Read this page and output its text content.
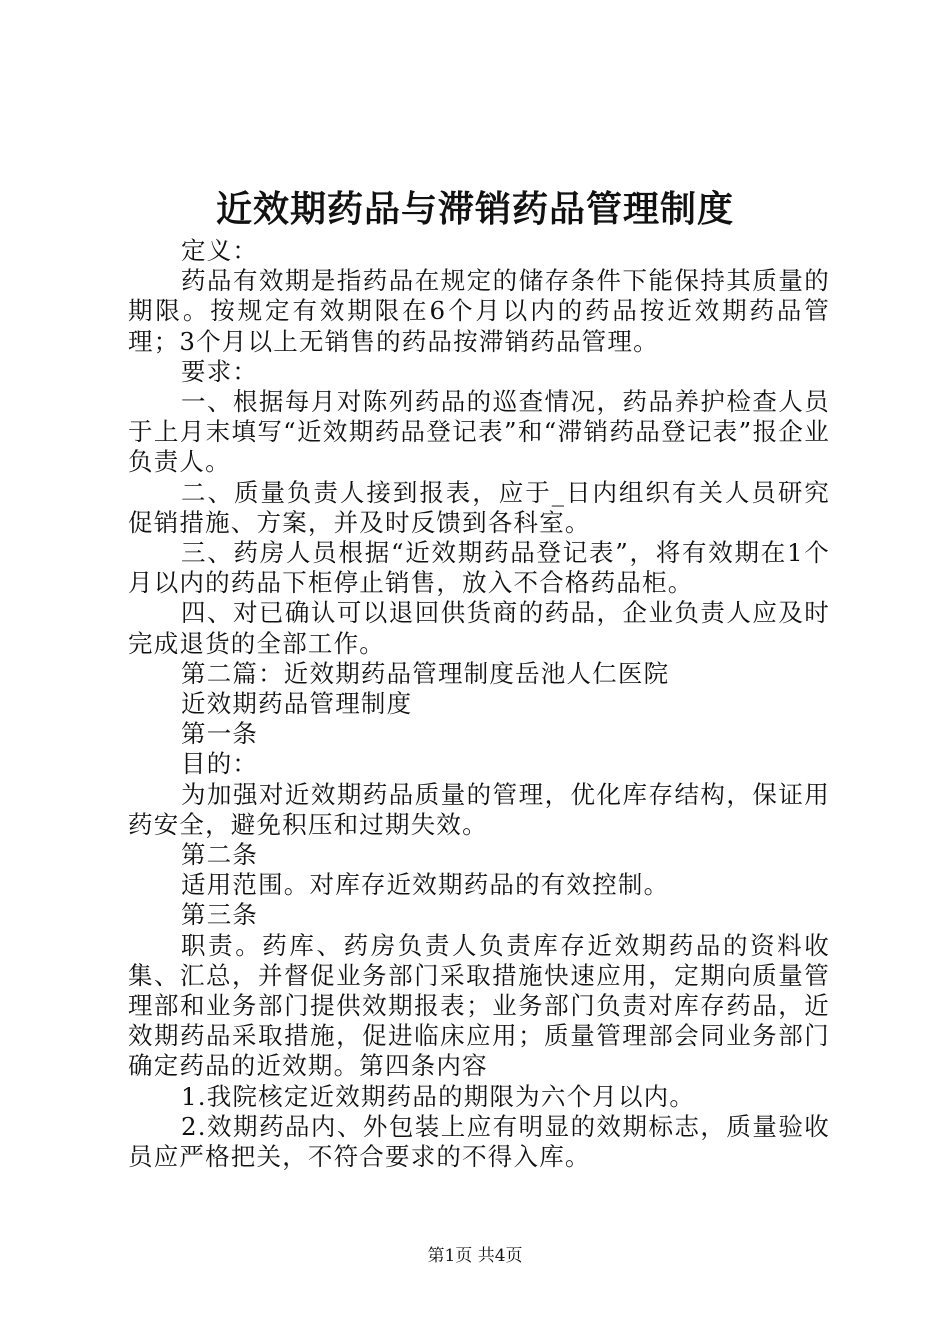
近效期药品与滞销药品管理制度

定义：

药品有效期是指药品在规定的储存条件下能保持其质量的期限。按规定有效期限在6个月以内的药品按近效期药品管理；3个月以上无销售的药品按滞销药品管理。

要求：

一、根据每月对陈列药品的巡查情况，药品养护检查人员于上月末填写“近效期药品登记表”和“滞销药品登记表”报企业负责人。

二、质量负责人接到报表，应于_日内组织有关人员研究促销措施、方案，并及时反馈到各科室。

三、药房人员根据“近效期药品登记表”，将有效期在1个月以内的药品下柜停止销售，放入不合格药品柜。

四、对已确认可以退回供货商的药品，企业负责人应及时完成退货的全部工作。

第二篇：近效期药品管理制度岳池人仁医院

近效期药品管理制度

第一条

目的：

为加强对近效期药品质量的管理，优化库存结构，保证用药安全，避免积压和过期失效。

第二条

适用范围。对库存近效期药品的有效控制。

第三条

职责。药库、药房负责人负责库存近效期药品的资料收集、汇总，并督促业务部门采取措施快速应用，定期向质量管理部和业务部门提供效期报表；业务部门负责对库存药品，近效期药品采取措施，促进临床应用；质量管理部会同业务部门确定药品的近效期。第四条内容

1.我院核定近效期药品的期限为六个月以内。

2.效期药品内、外包装上应有明显的效期标志，质量验收员应严格把关，不符合要求的不得入库。

第1页 共4页
